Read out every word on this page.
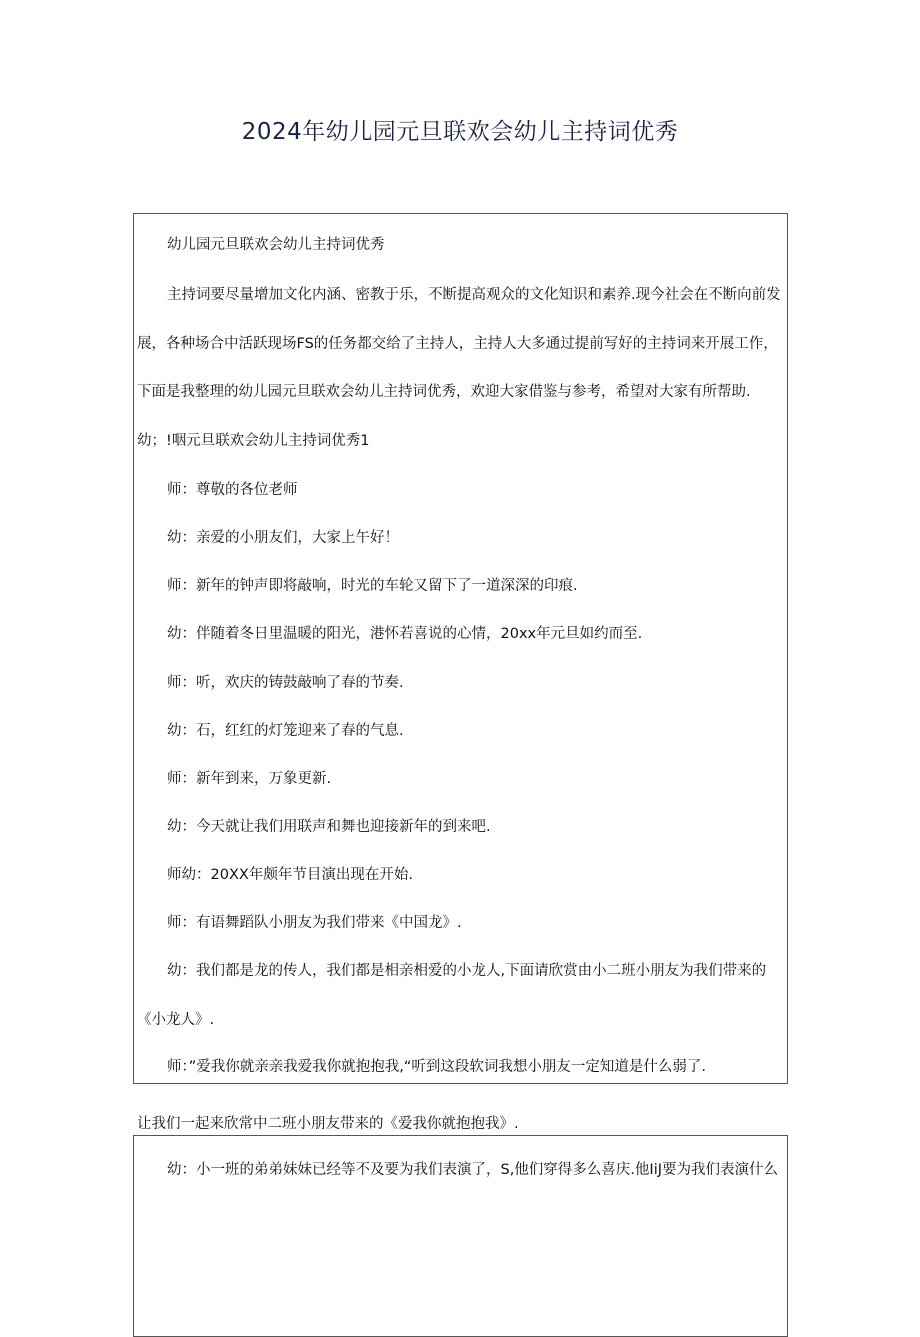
2024年幼儿园元旦联欢会幼儿主持词优秀
幼儿园元旦联欢会幼儿主持词优秀
主持词要尽量增加文化内涵、密教于乐，不断提高观众的文化知识和素养.现今社会在不断向前发
展，各种场合中活跃现场FS的任务都交给了主持人，主持人大多通过提前写好的主持词来开展工作，
下面是我整理的幼儿园元旦联欢会幼儿主持词优秀，欢迎大家借鉴与参考，希望对大家有所帮助.
幼；!咽元旦联欢会幼儿主持词优秀1
师：尊敬的各位老师
幼：亲爱的小朋友们，大家上午好！
师：新年的钟声即将敲响，时光的车轮又留下了一道深深的印痕.
幼：伴随着冬日里温暖的阳光，港怀若喜说的心情，20xx年元旦如约而至.
师：听，欢庆的铸鼓敲响了春的节奏.
幼：石，红红的灯笼迎来了春的气息.
师：新年到来，万象更新.
幼：今天就让我们用联声和舞也迎接新年的到来吧.
师幼：20XX年颇年节目演出现在开始.
师：有语舞蹈队小朋友为我们带来《中国龙》.
幼：我们都是龙的传人，我们都是相亲相爱的小龙人,下面请欣赏由小二班小朋友为我们带来的
《小龙人》.
师：”爱我你就亲亲我爱我你就抱抱我,“听到这段软词我想小朋友一定知道是什么弱了.
让我们一起来欣常中二班小朋友带来的《爱我你就抱抱我》.
幼：小一班的弟弟妹妹已经等不及要为我们表演了，S,他们穿得多么喜庆.他IiJ要为我们表演什么
